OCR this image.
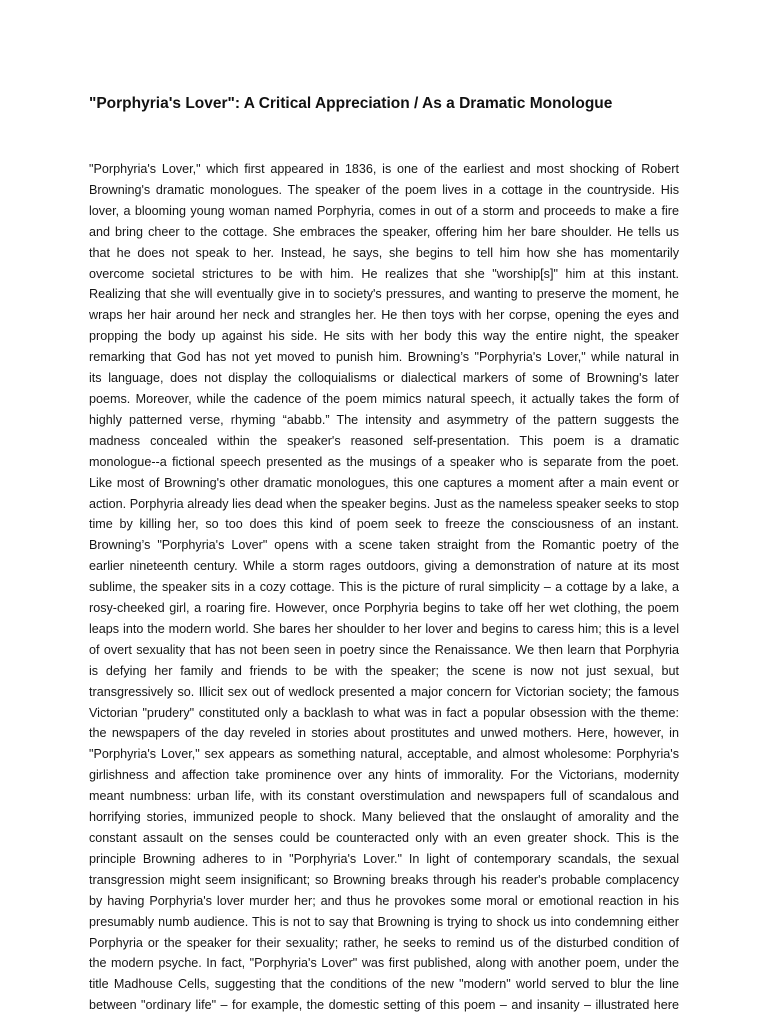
"Porphyria's Lover": A Critical Appreciation / As a Dramatic Monologue
"Porphyria's Lover," which first appeared in 1836, is one of the earliest and most shocking of Robert
Browning's dramatic monologues. The speaker of the poem lives in a cottage in the countryside. His
lover, a blooming young woman named Porphyria, comes in out of a storm and proceeds to make a fire
and bring cheer to the cottage. She embraces the speaker, offering him her bare shoulder. He tells us
that he does not speak to her. Instead, he says, she begins to tell him how she has momentarily
overcome societal strictures to be with him. He realizes that she "worship[s]" him at this instant.
Realizing that she will eventually give in to society's pressures, and wanting to preserve the moment, he
wraps her hair around her neck and strangles her. He then toys with her corpse, opening the eyes and
propping the body up against his side. He sits with her body this way the entire night, the speaker
remarking that God has not yet moved to punish him. Browning’s "Porphyria's Lover," while natural in
its language, does not display the colloquialisms or dialectical markers of some of Browning's later
poems. Moreover, while the cadence of the poem mimics natural speech, it actually takes the form of
highly patterned verse, rhyming “ababb.” The intensity and asymmetry of the pattern suggests the
madness concealed within the speaker's reasoned self-presentation. This poem is a dramatic
monologue--a fictional speech presented as the musings of a speaker who is separate from the poet.
Like most of Browning's other dramatic monologues, this one captures a moment after a main event or
action. Porphyria already lies dead when the speaker begins. Just as the nameless speaker seeks to stop
time by killing her, so too does this kind of poem seek to freeze the consciousness of an instant.
Browning’s "Porphyria's Lover" opens with a scene taken straight from the Romantic poetry of the
earlier nineteenth century. While a storm rages outdoors, giving a demonstration of nature at its most
sublime, the speaker sits in a cozy cottage. This is the picture of rural simplicity – a cottage by a lake, a
rosy-cheeked girl, a roaring fire. However, once Porphyria begins to take off her wet clothing, the poem
leaps into the modern world. She bares her shoulder to her lover and begins to caress him; this is a level
of overt sexuality that has not been seen in poetry since the Renaissance. We then learn that Porphyria
is defying her family and friends to be with the speaker; the scene is now not just sexual, but
transgressively so. Illicit sex out of wedlock presented a major concern for Victorian society; the famous
Victorian "prudery" constituted only a backlash to what was in fact a popular obsession with the theme:
the newspapers of the day reveled in stories about prostitutes and unwed mothers. Here, however, in
"Porphyria's Lover," sex appears as something natural, acceptable, and almost wholesome: Porphyria's
girlishness and affection take prominence over any hints of immorality. For the Victorians, modernity
meant numbness: urban life, with its constant overstimulation and newspapers full of scandalous and
horrifying stories, immunized people to shock. Many believed that the onslaught of amorality and the
constant assault on the senses could be counteracted only with an even greater shock. This is the
principle Browning adheres to in "Porphyria's Lover." In light of contemporary scandals, the sexual
transgression might seem insignificant; so Browning breaks through his reader's probable complacency
by having Porphyria's lover murder her; and thus he provokes some moral or emotional reaction in his
presumably numb audience. This is not to say that Browning is trying to shock us into condemning either
Porphyria or the speaker for their sexuality; rather, he seeks to remind us of the disturbed condition of
the modern psyche. In fact, "Porphyria's Lover" was first published, along with another poem, under the
title Madhouse Cells, suggesting that the conditions of the new "modern" world served to blur the line
between "ordinary life" – for example, the domestic setting of this poem – and insanity – illustrated here
